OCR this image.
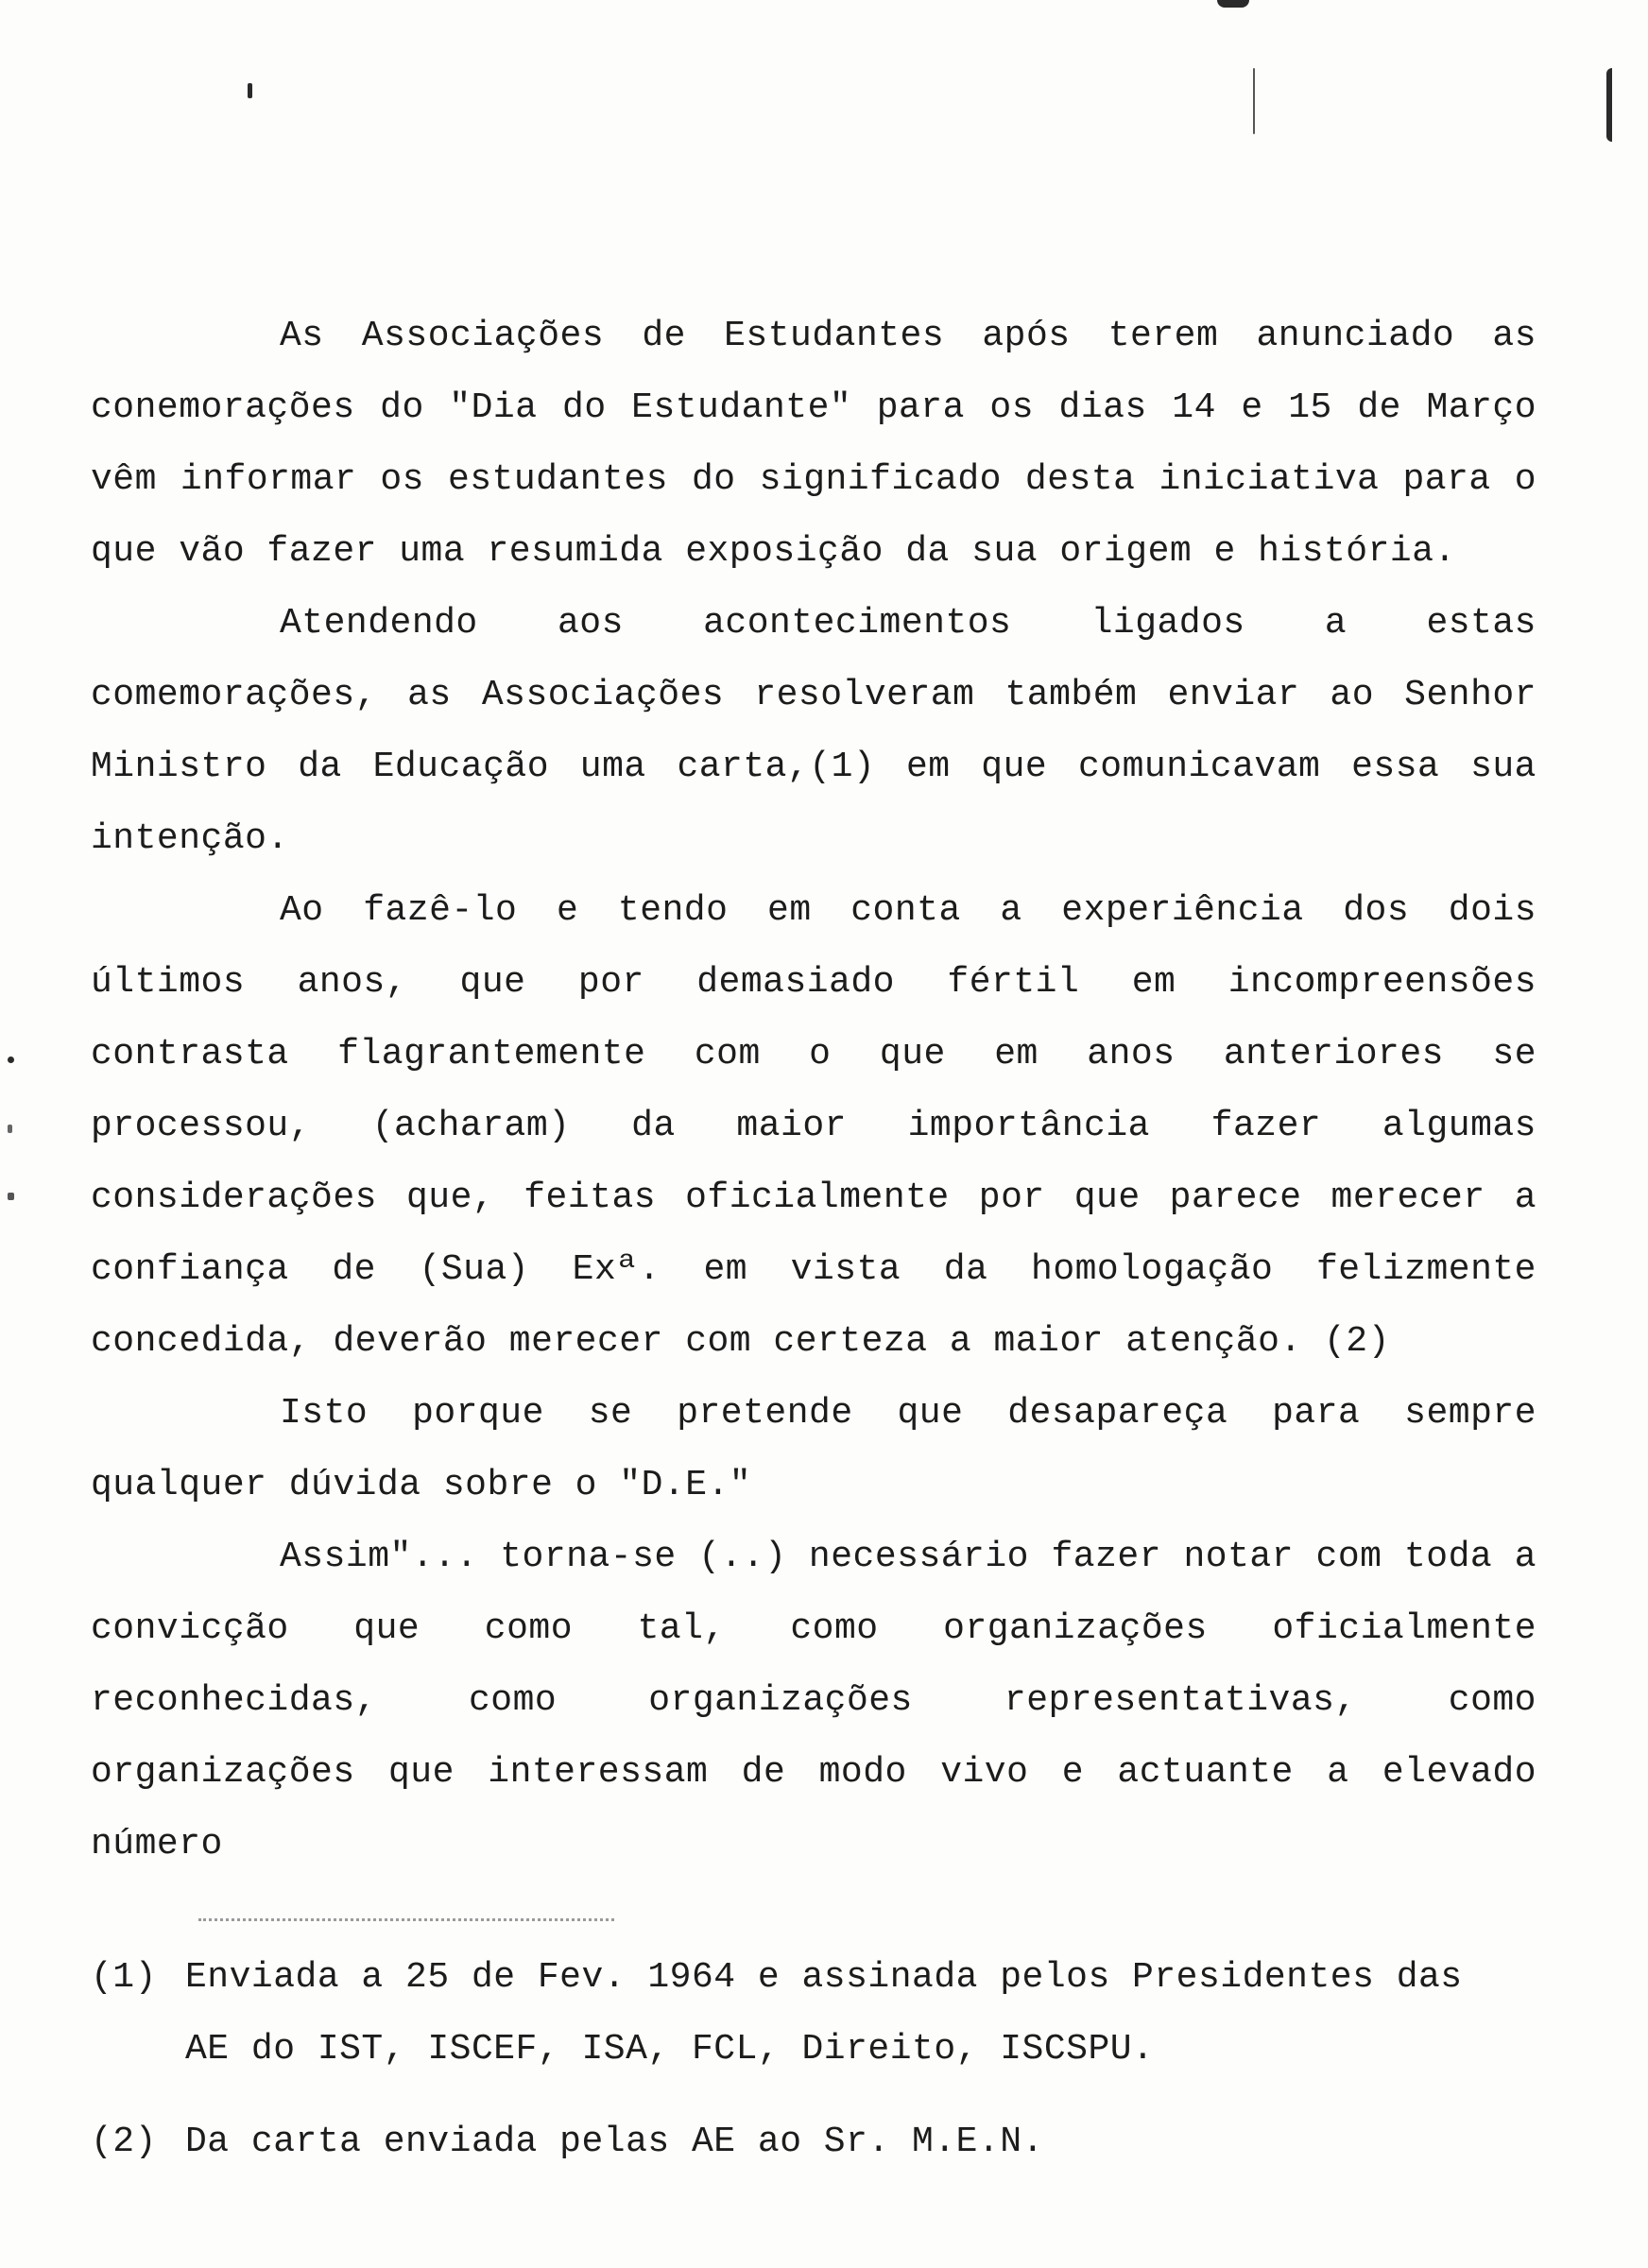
As Associações de Estudantes após terem anunciado as conemorações do "Dia do Estudante" para os dias 14 e 15 de Março vêm informar os estudantes do significado desta iniciativa para o que vão fazer uma resumida exposição da sua origem e história.

Atendendo aos acontecimentos ligados a estas comemorações, as Associações resolveram também enviar ao Senhor Ministro da Educação uma carta,(1) em que comunicavam essa sua intenção.

Ao fazê-lo e tendo em conta a experiência dos dois últimos anos, que por demasiado fértil em incompreensões contrasta flagrantemente com o que em anos anteriores se processou, (acharam) da maior importância fazer algumas considerações que, feitas oficialmente por que parece merecer a confiança de (Sua) Exª. em vista da homologação felizmente concedida, deverão merecer com certeza a maior atenção. (2)

Isto porque se pretende que desapareça para sempre qualquer dúvida sobre o "D.E."

Assim"... torna-se (..) necessário fazer notar com toda a convicção que como tal, como organizações oficialmente reconhecidas, como organizações representativas, como organizações que interessam de modo vivo e actuante a elevado número

(1) Enviada a 25 de Fev. 1964 e assinada pelos Presidentes das AE do IST, ISCEF, ISA, FCL, Direito, ISCSPU.
(2) Da carta enviada pelas AE ao Sr. M.E.N.
